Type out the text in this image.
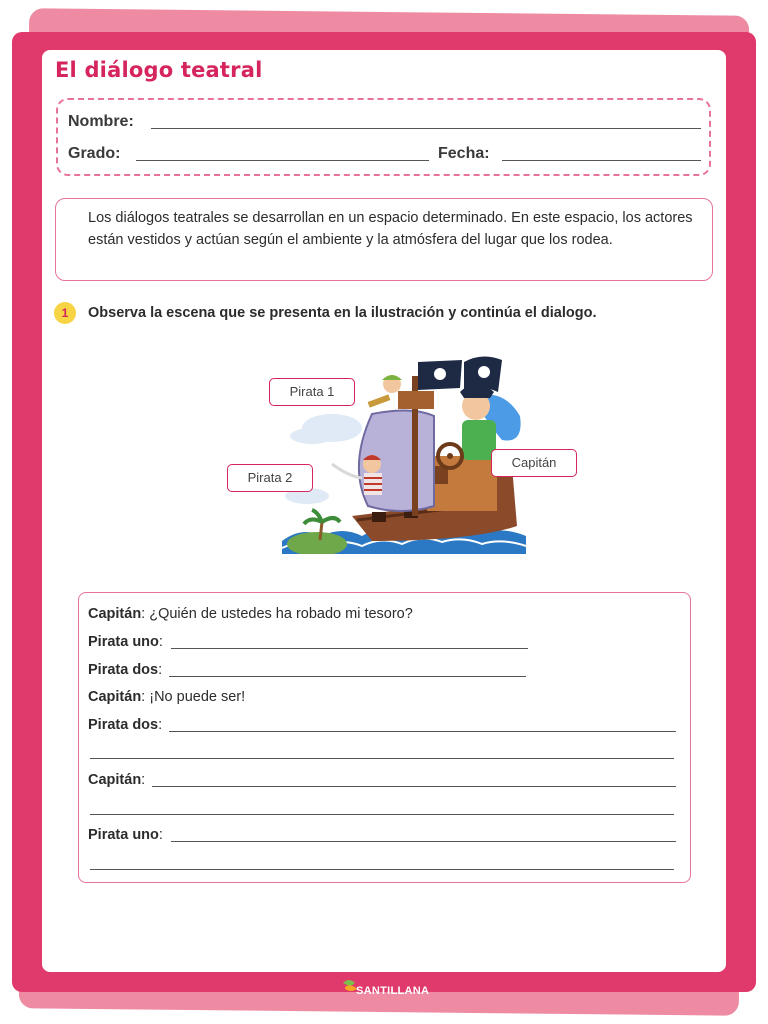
El diálogo teatral
Nombre:
Grado:	Fecha:

Los diálogos teatrales se desarrollan en un espacio determinado. En este espacio, los actores están vestidos y actúan según el ambiente y la atmósfera del lugar que los rodea.

1	Observa la escena que se presenta en la ilustración y continúa el dialogo.

Pirata 1
Pirata 2
Capitán
Capitán: ¿Quién de ustedes ha robado mi tesoro?
Pirata uno:
Pirata dos:
Capitán: ¡No puede ser!
Pirata dos:
Capitán:
Pirata uno:
SANTILLANA
